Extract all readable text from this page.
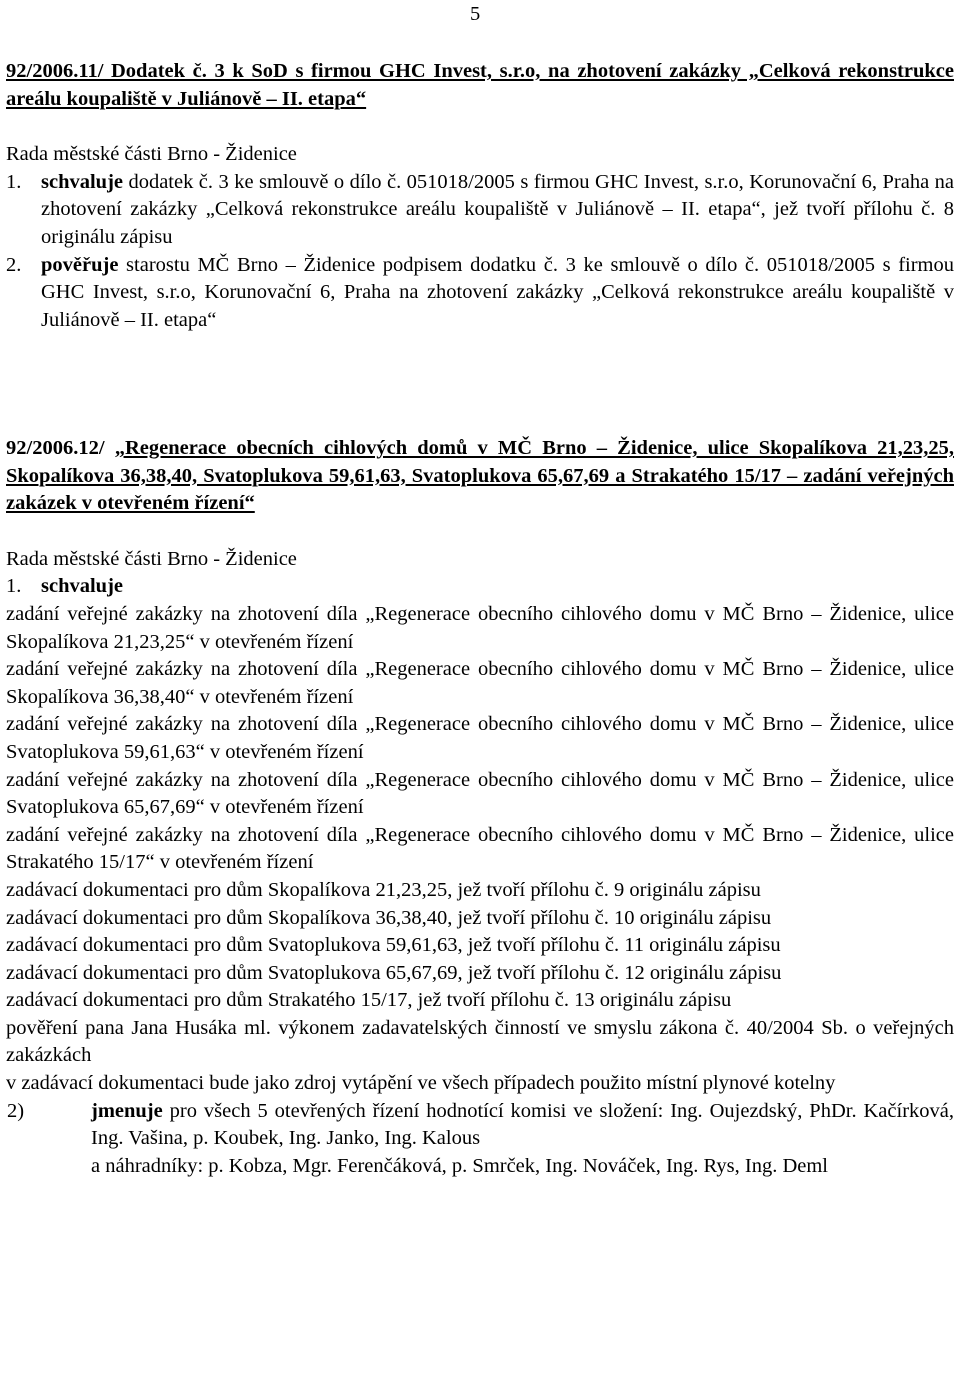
5
92/2006.11/ Dodatek č. 3 k SoD s firmou GHC Invest, s.r.o, na zhotovení zakázky „Celková rekonstrukce areálu koupaliště v Juliánově – II. etapa“
Rada městské části Brno - Židenice
1. schvaluje dodatek č. 3 ke smlouvě o dílo č. 051018/2005 s firmou GHC Invest, s.r.o, Korunovační 6, Praha na zhotovení zakázky „Celková rekonstrukce areálu koupaliště v Juliánově – II. etapa“, jež tvoří přílohu č. 8 originálu zápisu
2. pověřuje starostu MČ Brno – Židenice podpisem dodatku č. 3 ke smlouvě o dílo č. 051018/2005 s firmou GHC Invest, s.r.o, Korunovační 6, Praha na zhotovení zakázky „Celková rekonstrukce areálu koupaliště v Juliánově – II. etapa“
92/2006.12/ „Regenerace obecních cihlových domů v MČ Brno – Židenice, ulice Skopalíkova 21,23,25, Skopalíkova 36,38,40, Svatoplukova 59,61,63, Svatoplukova 65,67,69 a Strakatého 15/17 – zadání veřejných zakázek v otevřeném řízení“
Rada městské části Brno - Židenice
1. schvaluje
zadání veřejné zakázky na zhotovení díla „Regenerace obecního cihlového domu v MČ Brno – Židenice, ulice Skopalíkova 21,23,25“ v otevřeném řízení
zadání veřejné zakázky na zhotovení díla „Regenerace obecního cihlového domu v MČ Brno – Židenice, ulice Skopalíkova 36,38,40“ v otevřeném řízení
zadání veřejné zakázky na zhotovení díla „Regenerace obecního cihlového domu v MČ Brno – Židenice, ulice Svatoplukova 59,61,63“ v otevřeném řízení
zadání veřejné zakázky na zhotovení díla „Regenerace obecního cihlového domu v MČ Brno – Židenice, ulice Svatoplukova 65,67,69“ v otevřeném řízení
zadání veřejné zakázky na zhotovení díla „Regenerace obecního cihlového domu v MČ Brno – Židenice, ulice Strakatého 15/17“ v otevřeném řízení
zadávací dokumentaci pro dům Skopalíkova 21,23,25, jež tvoří přílohu č. 9 originálu zápisu
zadávací dokumentaci pro dům Skopalíkova 36,38,40, jež tvoří přílohu č. 10 originálu zápisu
zadávací dokumentaci pro dům Svatoplukova 59,61,63, jež tvoří přílohu č. 11 originálu zápisu
zadávací dokumentaci pro dům Svatoplukova 65,67,69, jež tvoří přílohu č. 12 originálu zápisu
zadávací dokumentaci pro dům Strakatého 15/17, jež tvoří přílohu č. 13 originálu zápisu
pověření pana Jana Husáka ml. výkonem zadavatelských činností ve smyslu zákona č. 40/2004 Sb. o veřejných zakázkách
v zadávací dokumentaci bude jako zdroj vytápění ve všech případech použito místní plynové kotelny
2)	jmenuje pro všech 5 otevřených řízení hodnotící komisi ve složení: Ing. Oujezdský, PhDr. Kačírková, Ing. Vašina, p. Koubek, Ing. Janko, Ing. Kalous
a náhradníky: p. Kobza, Mgr. Ferenčáková, p. Smrček, Ing. Nováček, Ing. Rys, Ing. Deml
